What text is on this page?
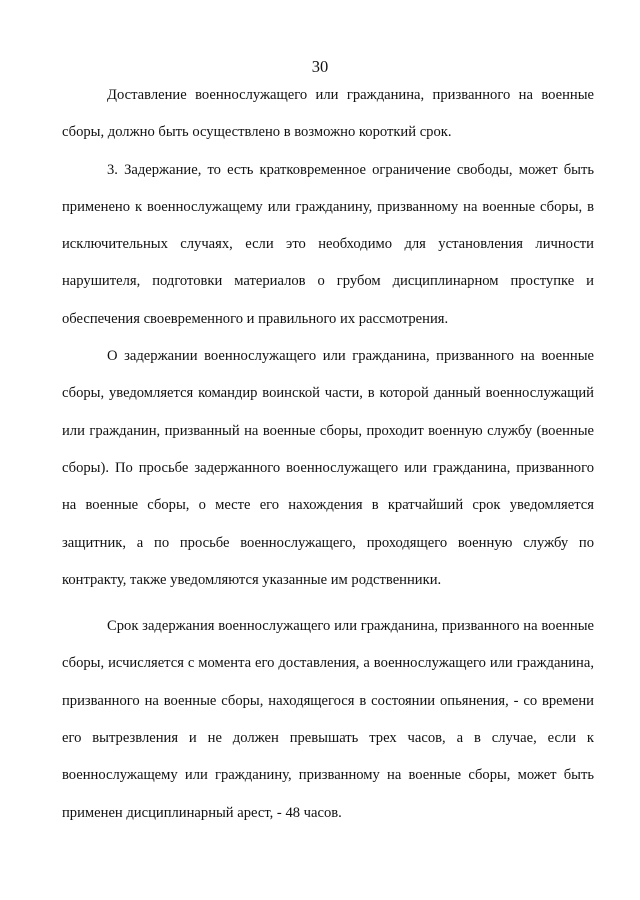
30

Доставление военнослужащего или гражданина, призванного на военные сборы, должно быть осуществлено в возможно короткий срок.

3. Задержание, то есть кратковременное ограничение свободы, может быть применено к военнослужащему или гражданину, призванному на военные сборы, в исключительных случаях, если это необходимо для установления личности нарушителя, подготовки материалов о грубом дисциплинарном проступке и обеспечения своевременного и правильного их рассмотрения.

О задержании военнослужащего или гражданина, призванного на военные сборы, уведомляется командир воинской части, в которой данный военнослужащий или гражданин, призванный на военные сборы, проходит военную службу (военные сборы). По просьбе задержанного военнослужащего или гражданина, призванного на военные сборы, о месте его нахождения в кратчайший срок уведомляется защитник, а по просьбе военнослужащего, проходящего военную службу по контракту, также уведомляются указанные им родственники.

Срок задержания военнослужащего или гражданина, призванного на военные сборы, исчисляется с момента его доставления, а военнослужащего или гражданина, призванного на военные сборы, находящегося в состоянии опьянения, - со времени его вытрезвления и не должен превышать трех часов, а в случае, если к военнослужащему или гражданину, призванному на военные сборы, может быть применен дисциплинарный арест, - 48 часов.
